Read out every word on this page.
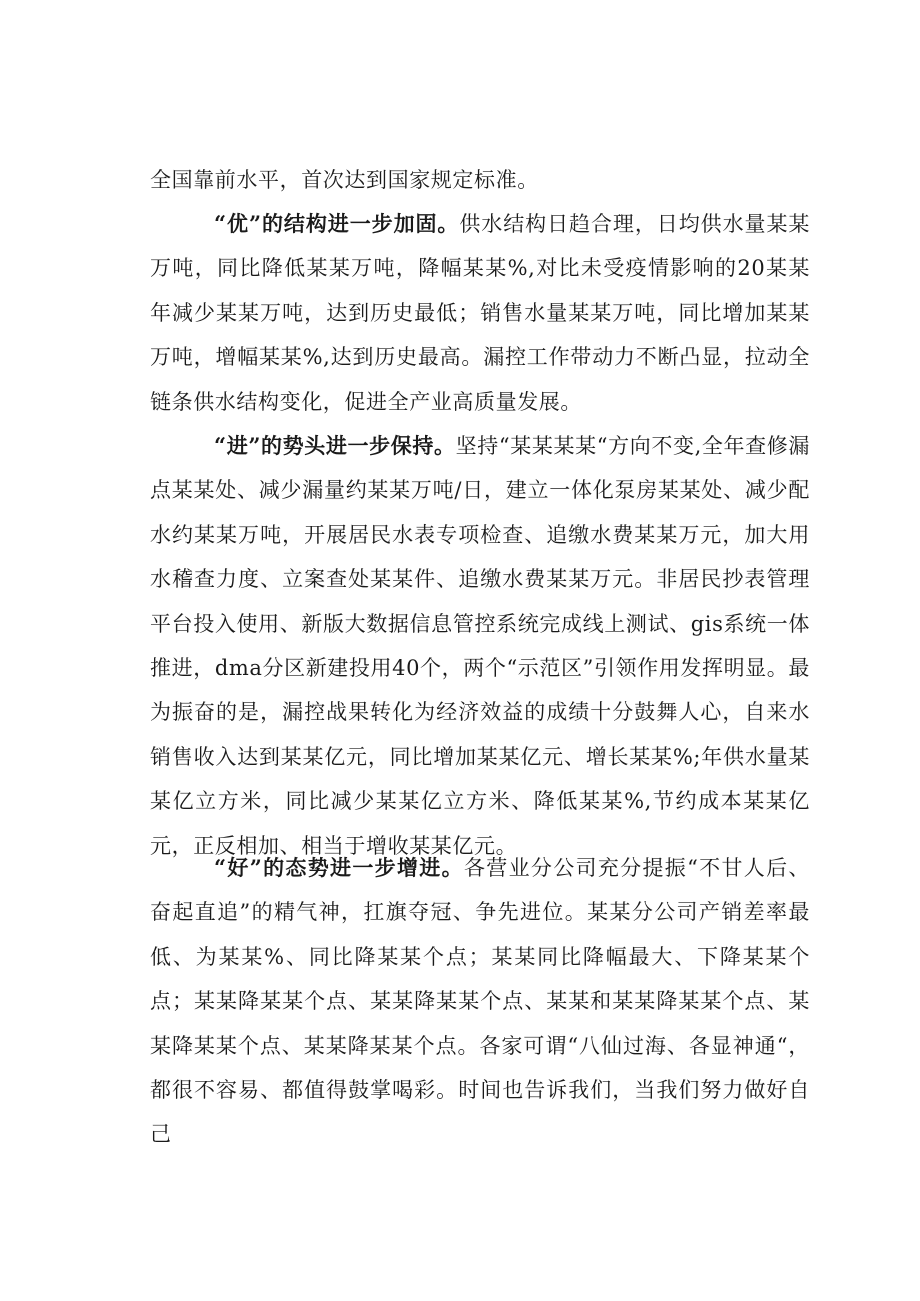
全国靠前水平，首次达到国家规定标准。

“优”的结构进一步加固。供水结构日趋合理，日均供水量某某万吨，同比降低某某万吨，降幅某某%,对比未受疫情影响的20某某年减少某某万吨，达到历史最低；销售水量某某万吨，同比增加某某万吨，增幅某某%,达到历史最高。漏控工作带动力不断凸显，拉动全链条供水结构变化，促进全产业高质量发展。

“进”的势头进一步保持。坚持“某某某某“方向不变,全年查修漏点某某处、减少漏量约某某万吨/日，建立一体化泵房某某处、减少配水约某某万吨，开展居民水表专项检查、追缴水费某某万元，加大用水稽查力度、立案查处某某件、追缴水费某某万元。非居民抄表管理平台投入使用、新版大数据信息管控系统完成线上测试、gis系统一体推进，dma分区新建投用40个，两个“示范区”引领作用发挥明显。最为振奋的是，漏控战果转化为经济效益的成绩十分鼓舞人心，自来水销售收入达到某某亿元，同比增加某某亿元、增长某某%;年供水量某某亿立方米，同比减少某某亿立方米、降低某某%,节约成本某某亿元，正反相加、相当于增收某某亿元。

“好”的态势进一步增进。各营业分公司充分提振“不甘人后、奋起直追”的精气神，扛旗夺冠、争先进位。某某分公司产销差率最低、为某某%、同比降某某个点；某某同比降幅最大、下降某某个点；某某降某某个点、某某降某某个点、某某和某某降某某个点、某某降某某个点、某某降某某个点。各家可谓“八仙过海、各显神通“，都很不容易、都值得鼓掌喝彩。时间也告诉我们，当我们努力做好自己
